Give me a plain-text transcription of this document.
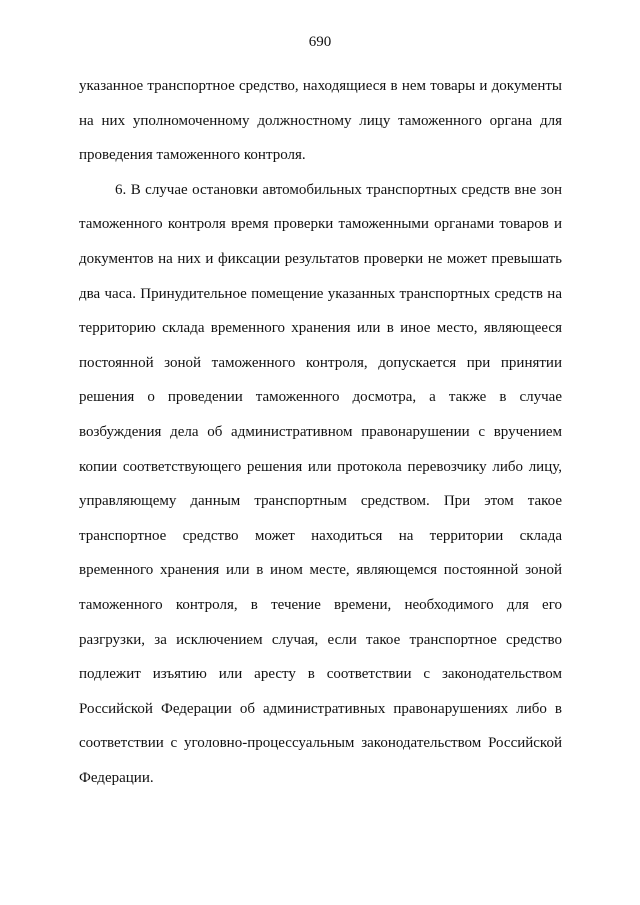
690
указанное транспортное средство, находящиеся в нем товары и документы
на них уполномоченному должностному лицу таможенного органа для
проведения таможенного контроля.
6. В случае остановки автомобильных транспортных средств вне зон
таможенного контроля время проверки таможенными органами товаров и
документов на них и фиксации результатов проверки не может превышать
два часа. Принудительное помещение указанных транспортных средств на
территорию склада временного хранения или в иное место, являющееся
постоянной зоной таможенного контроля, допускается при принятии
решения о проведении таможенного досмотра, а также в случае
возбуждения дела об административном правонарушении с вручением
копии соответствующего решения или протокола перевозчику либо лицу,
управляющему данным транспортным средством. При этом такое
транспортное средство может находиться на территории склада
временного хранения или в ином месте, являющемся постоянной зоной
таможенного контроля, в течение времени, необходимого для его
разгрузки, за исключением случая, если такое транспортное средство
подлежит изъятию или аресту в соответствии с законодательством
Российской Федерации об административных правонарушениях либо в
соответствии с уголовно-процессуальным законодательством Российской
Федерации.
